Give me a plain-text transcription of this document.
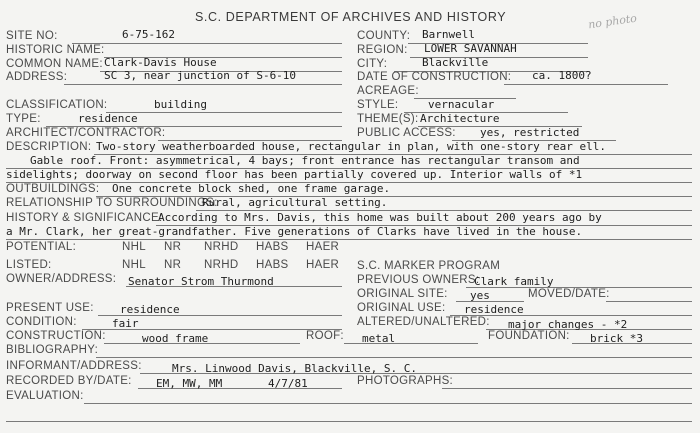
S.C. DEPARTMENT OF ARCHIVES AND HISTORY	no photo
SITE NO:	6-75-162	COUNTY: Barnwell
HISTORIC NAME:	REGION: LOWER SAVANNAH
COMMON NAME: Clark-Davis House	CITY:	Blackville
ADDRESS:	SC 3, near junction of S-6-10	DATE OF CONSTRUCTION: ca. 1800?
ACREAGE:
CLASSIFICATION:	building	STYLE:	vernacular
TYPE:	residence	THEME(S): Architecture
ARCHITECT/CONTRACTOR:	PUBLIC ACCESS: yes, restricted
DESCRIPTION: Two-story weatherboarded house, rectangular in plan, with one-story rear ell.
Gable roof. Front: asymmetrical, 4 bays; front entrance has rectangular transom and
sidelights; doorway on second floor has been partially covered up. Interior walls of *1
OUTBUILDINGS: One concrete block shed, one frame garage.
RELATIONSHIP TO SURROUNDINGS:
Rural, agricultural setting.
HISTORY & SIGNIFICANCE:
According to Mrs. Davis, this home was built about 200 years ago by
a Mr. Clark, her great-grandfather. Five generations of Clarks have lived in the house.
POTENTIAL:	NHL NR NRHD HABS HAER
LISTED:	NHL NR NRHD HABS HAER S.C. MARKER PROGRAM
OWNER/ADDRESS: Senator Strom Thurmond	PREVIOUS OWNERS:
Clark family
ORIGINAL SITE: yes	MOVED/DATE:
PRESENT USE: residence	ORIGINAL USE: residence
CONDITION:	fair	ALTERED/UNALTERED: major changes - *2
CONSTRUCTION:	wood frame	ROOF: metal	FOUNDATION: brick *3
BIBLIOGRAPHY:
INFORMANT/ADDRESS:	Mrs. Linwood Davis, Blackville, S. C.
RECORDED BY/DATE: EM, MW, MM	4/7/81	PHOTOGRAPHS:
EVALUATION:
